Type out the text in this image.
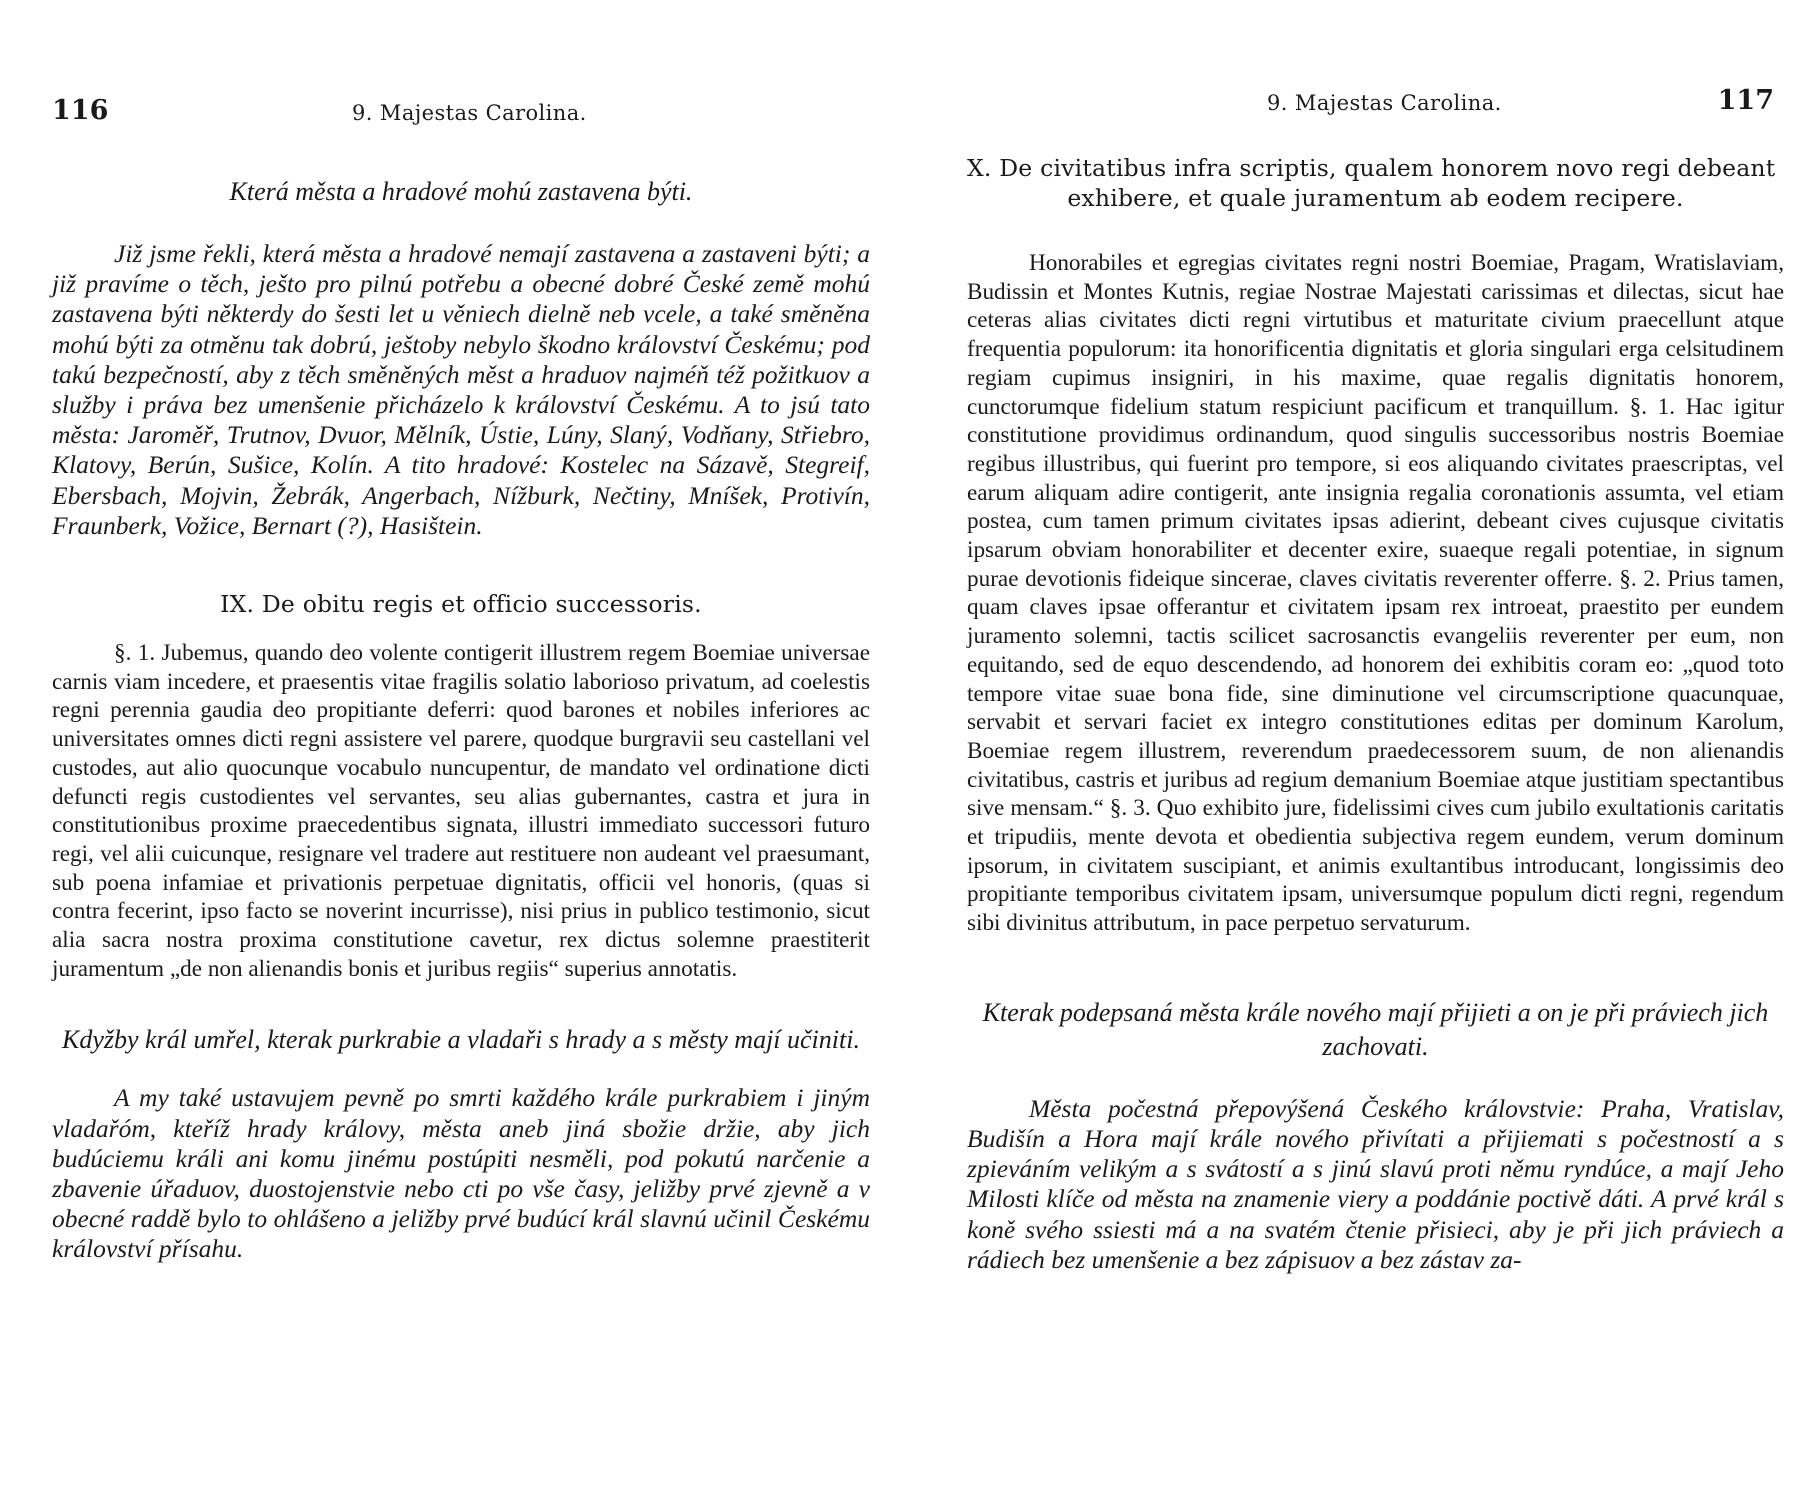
116	9. Majestas Carolina.

Která města a hradové mohú zastavena býti.

Již jsme řekli, která města a hradové nemají zastavena a zastaveni býti; a již pravíme o těch, ješto pro pilnú potřebu a obecné dobré České země mohú zastavena býti některdy do šesti let u věniech dielně neb vcele, a také směněna mohú býti za otměnu tak dobrú, ještoby nebylo škodno království Českému; pod takú bezpečností, aby z těch směněných měst a hraduov najméň též požitkuov a služby i práva bez umenšenie přicházelo k království Českému. A to jsú tato města: Jaroměř, Trutnov, Dvuor, Mělník, Ústie, Lúny, Slaný, Vodňany, Střiebro, Klatovy, Berún, Sušice, Kolín. A tito hradové: Kostelec na Sázavě, Stegreif, Ebersbach, Mojvin, Žebrák, Angerbach, Nížburk, Nečtiny, Mníšek, Protivín, Fraunberk, Vožice, Bernart (?), Hasištein.

IX. De obitu regis et officio successoris.

§. 1. Jubemus, quando deo volente contigerit illustrem regem Boemiae universae carnis viam incedere, et praesentis vitae fragilis solatio laborioso privatum, ad coelestis regni perennia gaudia deo propitiante deferri: quod barones et nobiles inferiores ac universitates omnes dicti regni assistere vel parere, quodque burgravii seu castellani vel custodes, aut alio quocunque vocabulo nuncupentur, de mandato vel ordinatione dicti defuncti regis custodientes vel servantes, seu alias gubernantes, castra et jura in constitutionibus proxime praecedentibus signata, illustri immediato successori futuro regi, vel alii cuicunque, resignare vel tradere aut restituere non audeant vel praesumant, sub poena infamiae et privationis perpetuae dignitatis, officii vel honoris, (quas si contra fecerint, ipso facto se noverint incurrisse), nisi prius in publico testimonio, sicut alia sacra nostra proxima constitutione cavetur, rex dictus solemne praestiterit juramentum „de non alienandis bonis et juribus regiis“ superius annotatis.

Kdyžby král umřel, kterak purkrabie a vladaři s hrady a s městy mají učiniti.

A my také ustavujem pevně po smrti každého krále purkrabiem i jiným vladařóm, kteříž hrady královy, města aneb jiná sbožie držie, aby jich budúciemu králi ani komu jinému postúpiti nesměli, pod pokutú narčenie a zbavenie úřaduov, duostojenstvie nebo cti po vše časy, jeližby prvé zjevně a v obecné raddě bylo to ohlášeno a jeližby prvé budúcí král slavnú učinil Českému království přísahu.

9. Majestas Carolina.	117

X. De civitatibus infra scriptis, qualem honorem novo regi debeant
exhibere, et quale juramentum ab eodem recipere.

Honorabiles et egregias civitates regni nostri Boemiae, Pragam, Wratislaviam, Budissin et Montes Kutnis, regiae Nostrae Majestati carissimas et dilectas, sicut hae ceteras alias civitates dicti regni virtutibus et maturitate civium praecellunt atque frequentia populorum: ita honorificentia dignitatis et gloria singulari erga celsitudinem regiam cupimus insigniri, in his maxime, quae regalis dignitatis honorem, cunctorumque fidelium statum respiciunt pacificum et tranquillum. §. 1. Hac igitur constitutione providimus ordinandum, quod singulis successoribus nostris Boemiae regibus illustribus, qui fuerint pro tempore, si eos aliquando civitates praescriptas, vel earum aliquam adire contigerit, ante insignia regalia coronationis assumta, vel etiam postea, cum tamen primum civitates ipsas adierint, debeant cives cujusque civitatis ipsarum obviam honorabiliter et decenter exire, suaeque regali potentiae, in signum purae devotionis fideique sincerae, claves civitatis reverenter offerre. §. 2. Prius tamen, quam claves ipsae offerantur et civitatem ipsam rex introeat, praestito per eundem juramento solemni, tactis scilicet sacrosanctis evangeliis reverenter per eum, non equitando, sed de equo descendendo, ad honorem dei exhibitis coram eo: „quod toto tempore vitae suae bona fide, sine diminutione vel circumscriptione quacunquae, servabit et servari faciet ex integro constitutiones editas per dominum Karolum, Boemiae regem illustrem, reverendum praedecessorem suum, de non alienandis civitatibus, castris et juribus ad regium demanium Boemiae atque justitiam spectantibus sive mensam.“ §. 3. Quo exhibito jure, fidelissimi cives cum jubilo exultationis caritatis et tripudiis, mente devota et obedientia subjectiva regem eundem, verum dominum ipsorum, in civitatem suscipiant, et animis exultantibus introducant, longissimis deo propitiante temporibus civitatem ipsam, universumque populum dicti regni, regendum sibi divinitus attributum, in pace perpetuo servaturum.

Kterak podepsaná města krále nového mají přijieti a on je při práviech jich zachovati.

Města počestná přepovýšená Českého královstvie: Praha, Vratislav, Budišín a Hora mají krále nového přivítati a přijiemati s počestností a s zpieváním velikým a s svátostí a s jinú slavú proti němu ryndúce, a mají Jeho Milosti klíče od města na znamenie viery a poddánie poctivě dáti. A prvé král s koně svého ssiesti má a na svatém čtenie přisieci, aby je při jich práviech a rádiech bez umenšenie a bez zápisuov a bez zástav za-
